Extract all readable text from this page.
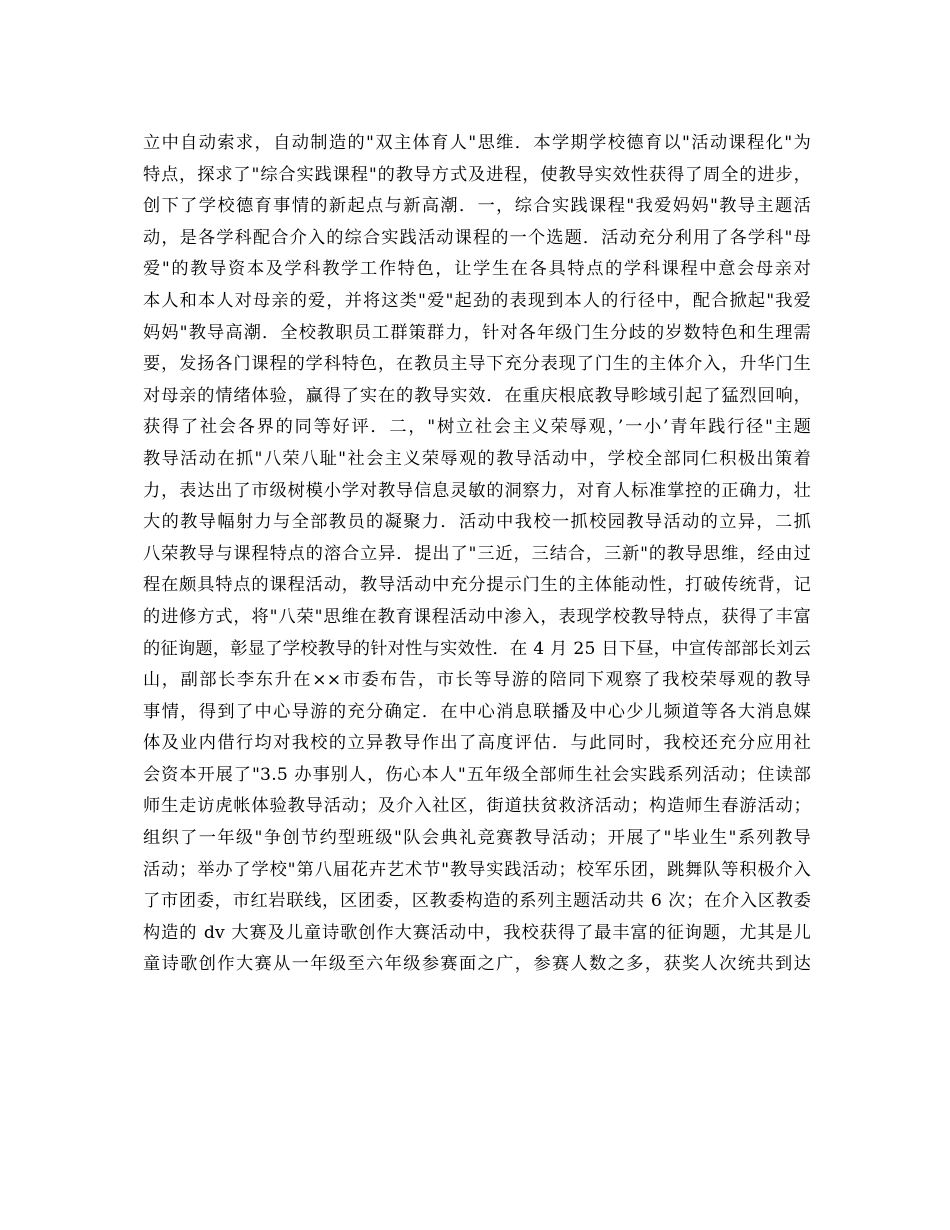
立中自动索求，自动制造的"双主体育人"思维．本学期学校德育以"活动课程化"为
特点，探求了"综合实践课程"的教导方式及进程，使教导实效性获得了周全的进步，
创下了学校德育事情的新起点与新高潮．一，综合实践课程"我爱妈妈"教导主题活
动，是各学科配合介入的综合实践活动课程的一个选题．活动充分利用了各学科"母
爱"的教导资本及学科教学工作特色，让学生在各具特点的学科课程中意会母亲对
本人和本人对母亲的爱，并将这类"爱"起劲的表现到本人的行径中，配合掀起"我爱
妈妈"教导高潮．全校教职员工群策群力，针对各年级门生分歧的岁数特色和生理需
要，发扬各门课程的学科特色，在教员主导下充分表现了门生的主体介入，升华门生
对母亲的情绪体验，赢得了实在的教导实效．在重庆根底教导畛域引起了猛烈回响，
获得了社会各界的同等好评．二，"树立社会主义荣辱观，’一小’青年践行径"主题
教导活动在抓"八荣八耻"社会主义荣辱观的教导活动中，学校全部同仁积极出策着
力，表达出了市级树模小学对教导信息灵敏的洞察力，对育人标准掌控的正确力，壮
大的教导幅射力与全部教员的凝聚力．活动中我校一抓校园教导活动的立异，二抓
八荣教导与课程特点的溶合立异．提出了"三近，三结合，三新"的教导思维，经由过
程在颇具特点的课程活动，教导活动中充分提示门生的主体能动性，打破传统背，记
的进修方式，将"八荣"思维在教育课程活动中渗入，表现学校教导特点，获得了丰富
的征询题，彰显了学校教导的针对性与实效性．在 4 月 25 日下昼，中宣传部部长刘云
山，副部长李东升在××市委布告，市长等导游的陪同下观察了我校荣辱观的教导
事情，得到了中心导游的充分确定．在中心消息联播及中心少儿频道等各大消息媒
体及业内借行均对我校的立异教导作出了高度评估．与此同时，我校还充分应用社
会资本开展了"3.5 办事别人，伤心本人"五年级全部师生社会实践系列活动；住读部
师生走访虎帐体验教导活动；及介入社区，街道扶贫救济活动；构造师生春游活动；
组织了一年级"争创节约型班级"队会典礼竞赛教导活动；开展了"毕业生"系列教导
活动；举办了学校"第八届花卉艺术节"教导实践活动；校军乐团，跳舞队等积极介入
了市团委，市红岩联线，区团委，区教委构造的系列主题活动共 6 次；在介入区教委
构造的 dv 大赛及儿童诗歌创作大赛活动中，我校获得了最丰富的征询题，尤其是儿
童诗歌创作大赛从一年级至六年级参赛面之广，参赛人数之多，获奖人次统共到达
